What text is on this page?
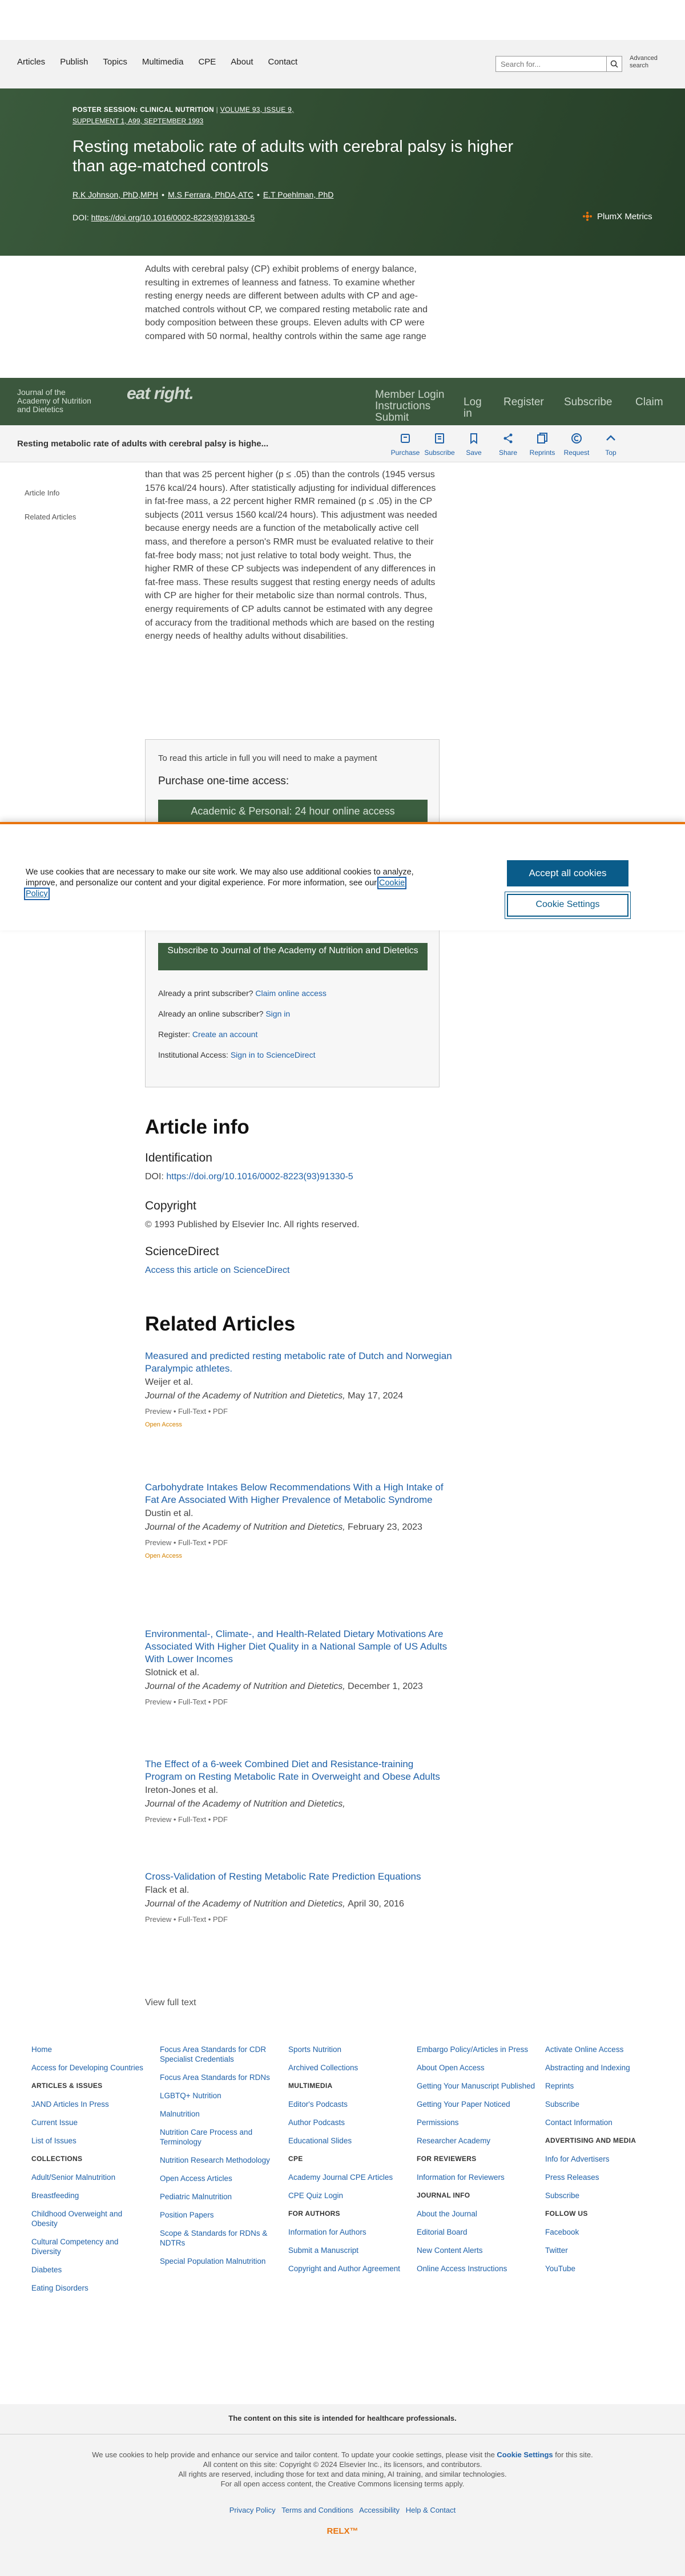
Articles Publish Topics Multimedia CPE About Contact	Search for...
Advanced search
POSTER SESSION: CLINICAL NUTRITION | VOLUME 93, ISSUE 9,
SUPPLEMENT 1, A99, SEPTEMBER 1993
Resting metabolic rate of adults with cerebral palsy is higher than age-matched controls
R.K Johnson, PhD,MPH • M.S Ferrara, PhDA,ATC • E.T Poehlman, PhD
DOI: https://doi.org/10.1016/0002-8223(93)91330-5	PlumX Metrics
Adults with cerebral palsy (CP) exhibit problems of energy balance, resulting in extremes of leanness and fatness. To examine whether resting energy needs are different between adults with CP and age-matched controls without CP, we compared resting metabolic rate and body composition between these groups. Eleven adults with CP were compared with 50 normal, healthy controls within the same age range
Journal of the Academy of Nutrition and Dietetics
eat right.	Member Login Instructions Submit
Log in
Register Subscribe Claim
Resting metabolic rate of adults with cerebral palsy is highe...
Purchase Subscribe	Save	Share	Reprints	Request	Top
Article Info
Related Articles
than that was 25 percent higher (p ≤ .05) than the controls (1945 versus 1576 kcal/24 hours). After statistically adjusting for individual differences in fat-free mass, a 22 percent higher RMR remained (p ≤ .05) in the CP subjects (2011 versus 1560 kcal/24 hours). This adjustment was needed because energy needs are a function of the metabolically active cell mass, and therefore a person's RMR must be evaluated relative to their fat-free body mass; not just relative to total body weight. Thus, the higher RMR of these CP subjects was independent of any differences in fat-free mass. These results suggest that resting energy needs of adults with CP are higher for their metabolic size than normal controls. Thus, energy requirements of CP adults cannot be estimated with any degree of accuracy from the traditional methods which are based on the resting energy needs of healthy adults without disabilities.
To read this article in full you will need to make a payment
Purchase one-time access:
Academic & Personal: 24 hour online access
Subscribe to Journal of the Academy of Nutrition and Dietetics
Already a print subscriber? Claim online access
Already an online subscriber? Sign in
Register: Create an account
Institutional Access: Sign in to ScienceDirect
We use cookies that are necessary to make our site work. We may also use additional cookies to analyze, improve, and personalize our content and your digital experience. For more information, see our Cookie Policy
Accept all cookies
Cookie Settings
Article info
Identification
DOI: https://doi.org/10.1016/0002-8223(93)91330-5
Copyright
© 1993 Published by Elsevier Inc. All rights reserved.
ScienceDirect
Access this article on ScienceDirect
Related Articles
Measured and predicted resting metabolic rate of Dutch and Norwegian Paralympic athletes.
Weijer et al.
Journal of the Academy of Nutrition and Dietetics, May 17, 2024
Preview • Full-Text • PDF
Open Access
Carbohydrate Intakes Below Recommendations With a High Intake of Fat Are Associated With Higher Prevalence of Metabolic Syndrome
Dustin et al.
Journal of the Academy of Nutrition and Dietetics, February 23, 2023
Preview • Full-Text • PDF
Open Access
Environmental-, Climate-, and Health-Related Dietary Motivations Are Associated With Higher Diet Quality in a National Sample of US Adults With Lower Incomes
Slotnick et al.
Journal of the Academy of Nutrition and Dietetics, December 1, 2023
Preview • Full-Text • PDF
The Effect of a 6-week Combined Diet and Resistance-training Program on Resting Metabolic Rate in Overweight and Obese Adults
Ireton-Jones et al.
Journal of the Academy of Nutrition and Dietetics,
Preview • Full-Text • PDF
Cross-Validation of Resting Metabolic Rate Prediction Equations
Flack et al.
Journal of the Academy of Nutrition and Dietetics, April 30, 2016
Preview • Full-Text • PDF
View full text
Home
Access for Developing Countries
ARTICLES & ISSUES
JAND Articles In Press
Current Issue
List of Issues
COLLECTIONS
Adult/Senior Malnutrition
Breastfeeding
Childhood Overweight and Obesity
Cultural Competency and Diversity
Diabetes
Eating Disorders
Focus Area Standards for CDR Specialist Credentials
Focus Area Standards for RDNs
LGBTQ+ Nutrition
Malnutrition
Nutrition Care Process and Terminology
Nutrition Research Methodology
Open Access Articles
Pediatric Malnutrition
Position Papers
Scope & Standards for RDNs & NDTRs
Special Population Malnutrition
Sports Nutrition
Archived Collections
MULTIMEDIA
Editor's Podcasts
Author Podcasts
Educational Slides
CPE
Academy Journal CPE Articles
CPE Quiz Login
FOR AUTHORS
Information for Authors
Submit a Manuscript
Copyright and Author Agreement
Embargo Policy/Articles in Press
About Open Access
Getting Your Manuscript Published
Getting Your Paper Noticed
Permissions
Researcher Academy
FOR REVIEWERS
Information for Reviewers
JOURNAL INFO
About the Journal
Editorial Board
New Content Alerts
Online Access Instructions
Activate Online Access
Abstracting and Indexing
Reprints
Subscribe
Contact Information
ADVERTISING AND MEDIA
Info for Advertisers
Press Releases
Subscribe
FOLLOW US
Facebook
Twitter
YouTube
The content on this site is intended for healthcare professionals.
We use cookies to help provide and enhance our service and tailor content. To update your cookie settings, please visit the Cookie Settings for this site.
All content on this site: Copyright © 2024 Elsevier Inc., its licensors, and contributors.
All rights are reserved, including those for text and data mining, AI training, and similar technologies.
For all open access content, the Creative Commons licensing terms apply.
Privacy Policy Terms and Conditions Accessibility Help & Contact
RELX™
